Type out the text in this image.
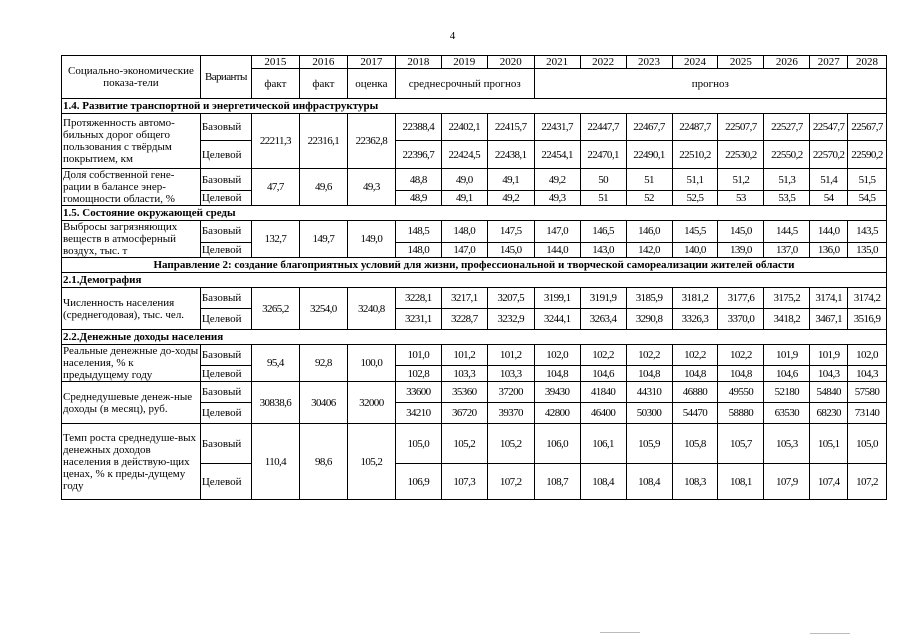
4
Социально-экономические показа-тели	Варианты	2015	2016	2017	2018	2019	2020	2021	2022	2023	2024	2025	2026	2027	2028
		факт	факт	оценка	среднесрочный прогноз			прогноз							
1.4. Развитие транспортной и энергетической инфраструктуры															
Протяженность автомо-бильных дорог общего пользования с твёрдым покрытием, км	Базовый	22211,3	22316,1	22362,8	22388,4	22402,1	22415,7	22431,7	22447,7	22467,7	22487,7	22507,7	22527,7	22547,7	22567,7
	Целевой				22396,7	22424,5	22438,1	22454,1	22470,1	22490,1	22510,2	22530,2	22550,2	22570,2	22590,2
Доля собственной гене-рации в балансе энер-гомощности области, %	Базовый	47,7	49,6	49,3	48,8	49,0	49,1	49,2	50	51	51,1	51,2	51,3	51,4	51,5
	Целевой				48,9	49,1	49,2	49,3	51	52	52,5	53	53,5	54	54,5
1.5. Состояние окружающей среды															
Выбросы загрязняющих веществ в атмосферный воздух, тыс. т	Базовый	132,7	149,7	149,0	148,5	148,0	147,5	147,0	146,5	146,0	145,5	145,0	144,5	144,0	143,5
	Целевой				148,0	147,0	145,0	144,0	143,0	142,0	140,0	139,0	137,0	136,0	135,0
Направление 2: создание благоприятных условий для жизни, профессиональной и творческой самореализации жителей области															
2.1.Демография															
Численность населения (среднегодовая), тыс. чел.	Базовый	3265,2	3254,0	3240,8	3228,1	3217,1	3207,5	3199,1	3191,9	3185,9	3181,2	3177,6	3175,2	3174,1	3174,2
	Целевой				3231,1	3228,7	3232,9	3244,1	3263,4	3290,8	3326,3	3370,0	3418,2	3467,1	3516,9
2.2.Денежные доходы населения															
Реальные денежные до-ходы населения, % к предыдущему году	Базовый	95,4	92,8	100,0	101,0	101,2	101,2	102,0	102,2	102,2	102,2	102,2	101,9	101,9	102,0
	Целевой				102,8	103,3	103,3	104,8	104,6	104,8	104,8	104,8	104,6	104,3	104,3
Среднедушевые денеж-ные доходы (в месяц), руб.	Базовый	30838,6	30406	32000	33600	35360	37200	39430	41840	44310	46880	49550	52180	54840	57580
	Целевой				34210	36720	39370	42800	46400	50300	54470	58880	63530	68230	73140
Темп роста среднедуше-вых денежных доходов населения в действую-щих ценах, % к преды-дущему году	Базовый	110,4	98,6	105,2	105,0	105,2	105,2	106,0	106,1	105,9	105,8	105,7	105,3	105,1	105,0
	Целевой				106,9	107,3	107,2	108,7	108,4	108,4	108,3	108,1	107,9	107,4	107,2
